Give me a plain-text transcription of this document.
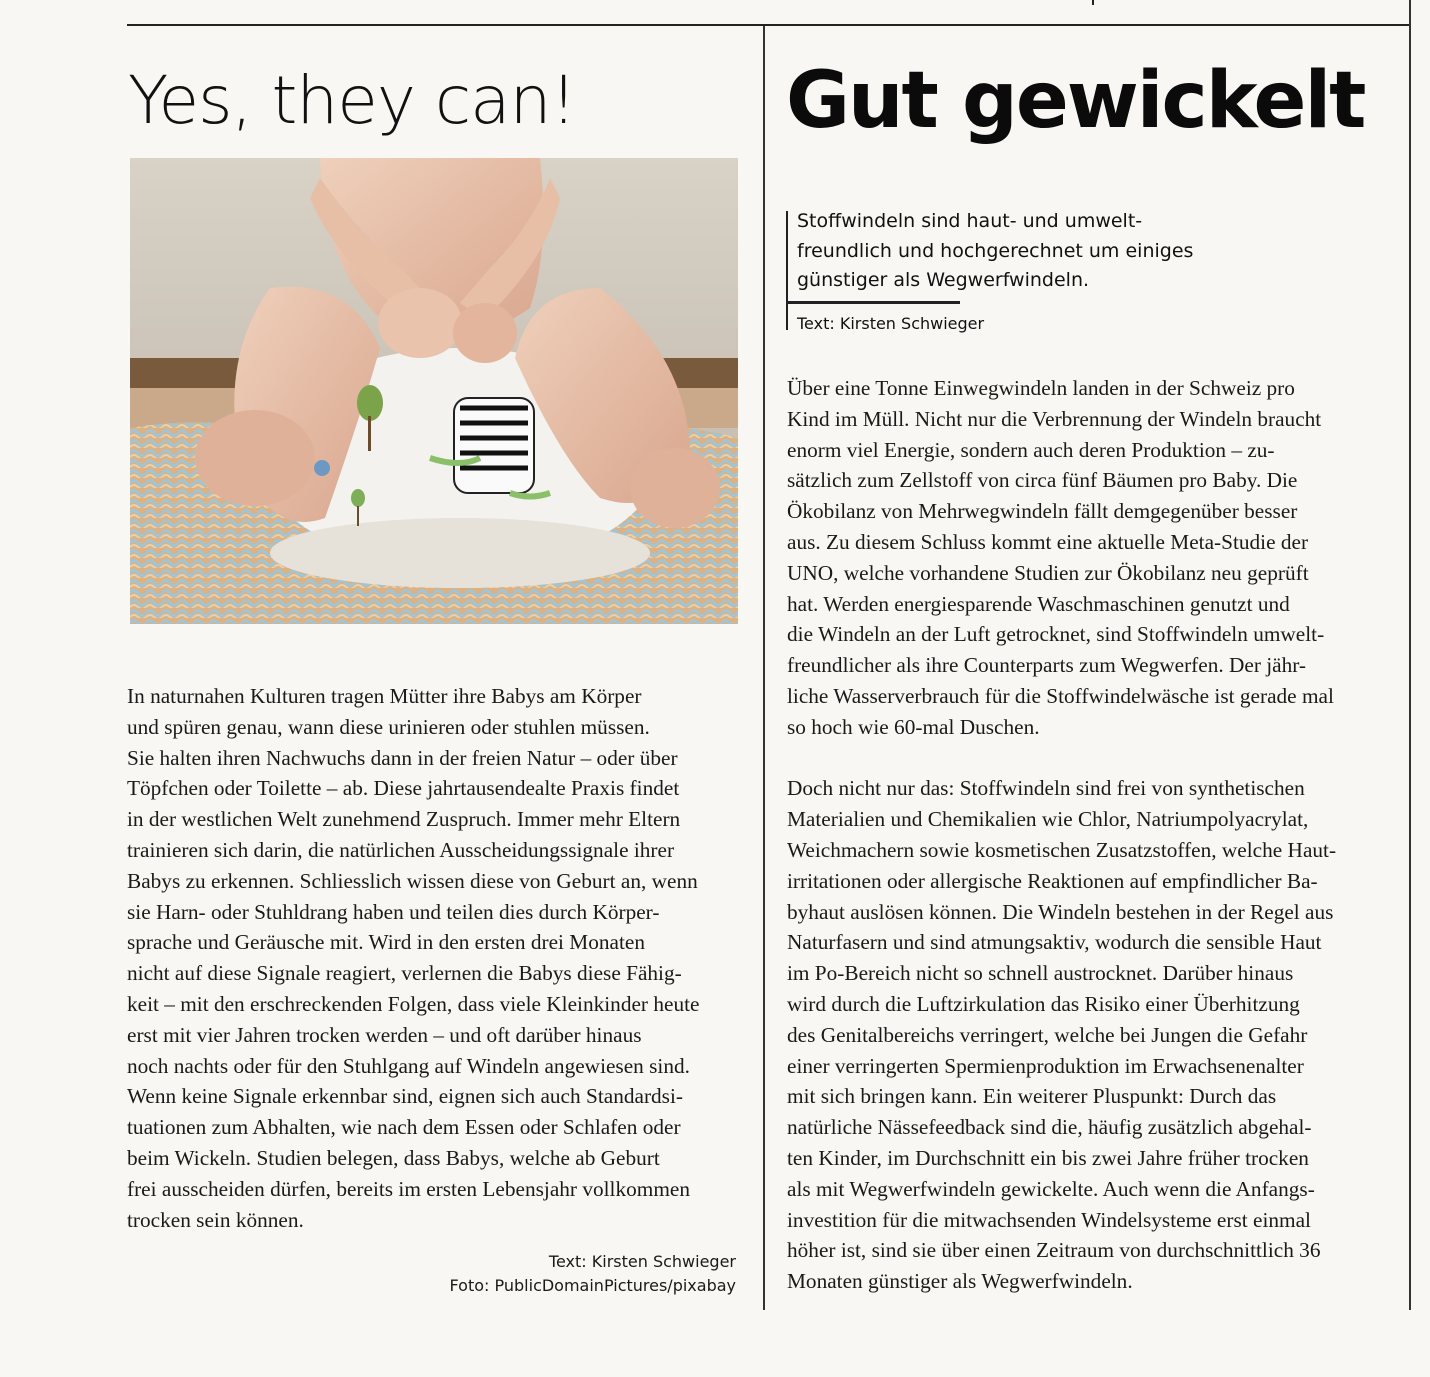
Yes, they can!
In naturnahen Kulturen tragen Mütter ihre Babys am Körper
und spüren genau, wann diese urinieren oder stuhlen müssen.
Sie halten ihren Nachwuchs dann in der freien Natur – oder über
Töpfchen oder Toilette – ab. Diese jahrtausendealte Praxis findet
in der westlichen Welt zunehmend Zuspruch. Immer mehr Eltern
trainieren sich darin, die natürlichen Ausscheidungssignale ihrer
Babys zu erkennen. Schliesslich wissen diese von Geburt an, wenn
sie Harn- oder Stuhldrang haben und teilen dies durch Körper-
sprache und Geräusche mit. Wird in den ersten drei Monaten
nicht auf diese Signale reagiert, verlernen die Babys diese Fähig-
keit – mit den erschreckenden Folgen, dass viele Kleinkinder heute
erst mit vier Jahren trocken werden – und oft darüber hinaus
noch nachts oder für den Stuhlgang auf Windeln angewiesen sind.
Wenn keine Signale erkennbar sind, eignen sich auch Standardsi-
tuationen zum Abhalten, wie nach dem Essen oder Schlafen oder
beim Wickeln. Studien belegen, dass Babys, welche ab Geburt
frei ausscheiden dürfen, bereits im ersten Lebensjahr vollkommen
trocken sein können.
Text: Kirsten Schwieger
Foto: PublicDomainPictures/pixabay
Gut gewickelt
Stoffwindeln sind haut- und umwelt-
freundlich und hochgerechnet um einiges
günstiger als Wegwerfwindeln.
Text: Kirsten Schwieger
Über eine Tonne Einwegwindeln landen in der Schweiz pro
Kind im Müll. Nicht nur die Verbrennung der Windeln braucht
enorm viel Energie, sondern auch deren Produktion – zu-
sätzlich zum Zellstoff von circa fünf Bäumen pro Baby. Die
Ökobilanz von Mehrwegwindeln fällt demgegenüber besser
aus. Zu diesem Schluss kommt eine aktuelle Meta-Studie der
UNO, welche vorhandene Studien zur Ökobilanz neu geprüft
hat. Werden energiesparende Waschmaschinen genutzt und
die Windeln an der Luft getrocknet, sind Stoffwindeln umwelt-
freundlicher als ihre Counterparts zum Wegwerfen. Der jähr-
liche Wasserverbrauch für die Stoffwindelwäsche ist gerade mal
so hoch wie 60-mal Duschen.
Doch nicht nur das: Stoffwindeln sind frei von synthetischen
Materialien und Chemikalien wie Chlor, Natriumpolyacrylat,
Weichmachern sowie kosmetischen Zusatzstoffen, welche Haut-
irritationen oder allergische Reaktionen auf empfindlicher Ba-
byhaut auslösen können. Die Windeln bestehen in der Regel aus
Naturfasern und sind atmungsaktiv, wodurch die sensible Haut
im Po-Bereich nicht so schnell austrocknet. Darüber hinaus
wird durch die Luftzirkulation das Risiko einer Überhitzung
des Genitalbereichs verringert, welche bei Jungen die Gefahr
einer verringerten Spermienproduktion im Erwachsenenalter
mit sich bringen kann. Ein weiterer Pluspunkt: Durch das
natürliche Nässefeedback sind die, häufig zusätzlich abgehal-
ten Kinder, im Durchschnitt ein bis zwei Jahre früher trocken
als mit Wegwerfwindeln gewickelte. Auch wenn die Anfangs-
investition für die mitwachsenden Windelsysteme erst einmal
höher ist, sind sie über einen Zeitraum von durchschnittlich 36
Monaten günstiger als Wegwerfwindeln.
